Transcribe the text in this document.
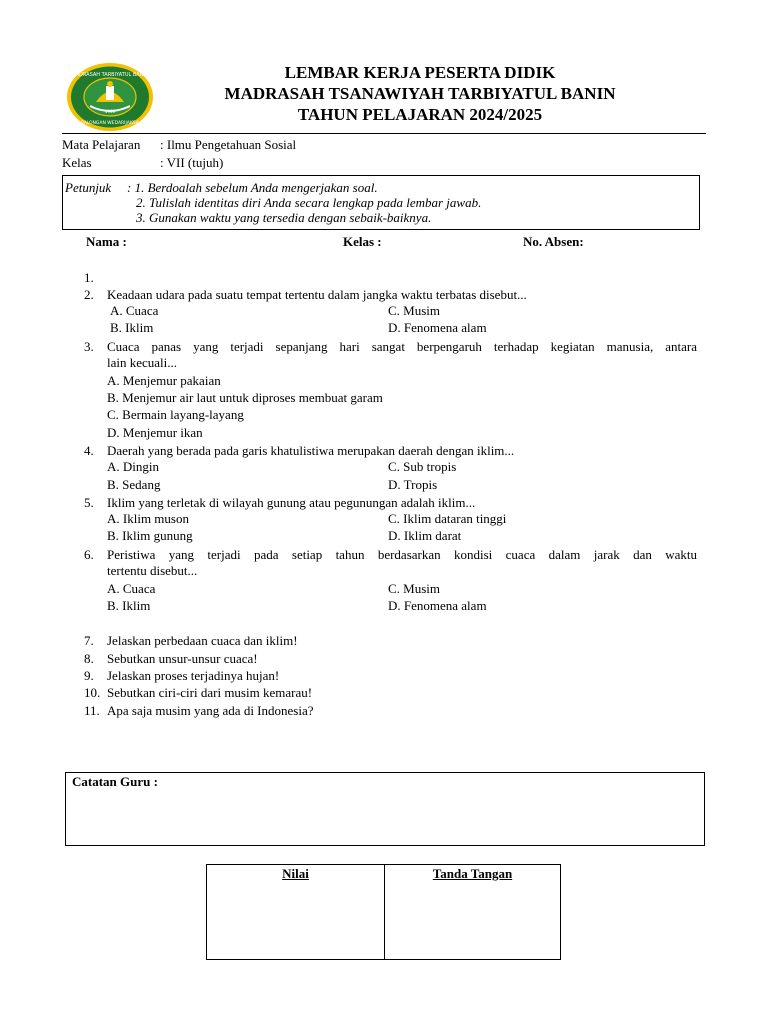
MADRASAH TARBIYATUL BANIN
PALONGAN WEDARIJAKSA
1955
LEMBAR KERJA PESERTA DIDIK
MADRASAH TSANAWIYAH TARBIYATUL BANIN
TAHUN PELAJARAN 2024/2025
Mata Pelajaran : Ilmu Pengetahuan Sosial
Kelas	: VII (tujuh)
Petunjuk : 1. Berdoalah sebelum Anda mengerjakan soal.
2. Tulislah identitas diri Anda secara lengkap pada lembar jawab.
3. Gunakan waktu yang tersedia dengan sebaik-baiknya.
Nama :	Kelas :	No. Absen:
1.
2.	Keadaan udara pada suatu tempat tertentu dalam jangka waktu terbatas disebut...
A. Cuaca
B. Iklim
C. Musim
D. Fenomena alam
3.	Cuaca panas yang terjadi sepanjang hari sangat berpengaruh terhadap kegiatan manusia, antara
lain kecuali...
A. Menjemur pakaian
B. Menjemur air laut untuk diproses membuat garam
C. Bermain layang-layang
D. Menjemur ikan
4.	Daerah yang berada pada garis khatulistiwa merupakan daerah dengan iklim...
A. Dingin
B. Sedang
C. Sub tropis
D. Tropis
5.	Iklim yang terletak di wilayah gunung atau pegunungan adalah iklim...
A. Iklim muson
B. Iklim gunung
C. Iklim dataran tinggi
D. Iklim darat
6.	Peristiwa yang terjadi pada setiap tahun berdasarkan kondisi cuaca dalam jarak dan waktu
tertentu disebut...
A. Cuaca
B. Iklim
C. Musim
D. Fenomena alam
7.	Jelaskan perbedaan cuaca dan iklim!
8.	Sebutkan unsur-unsur cuaca!
9.	Jelaskan proses terjadinya hujan!
10. Sebutkan ciri-ciri dari musim kemarau!
11. Apa saja musim yang ada di Indonesia?
Catatan Guru :
Nilai	Tanda Tangan
